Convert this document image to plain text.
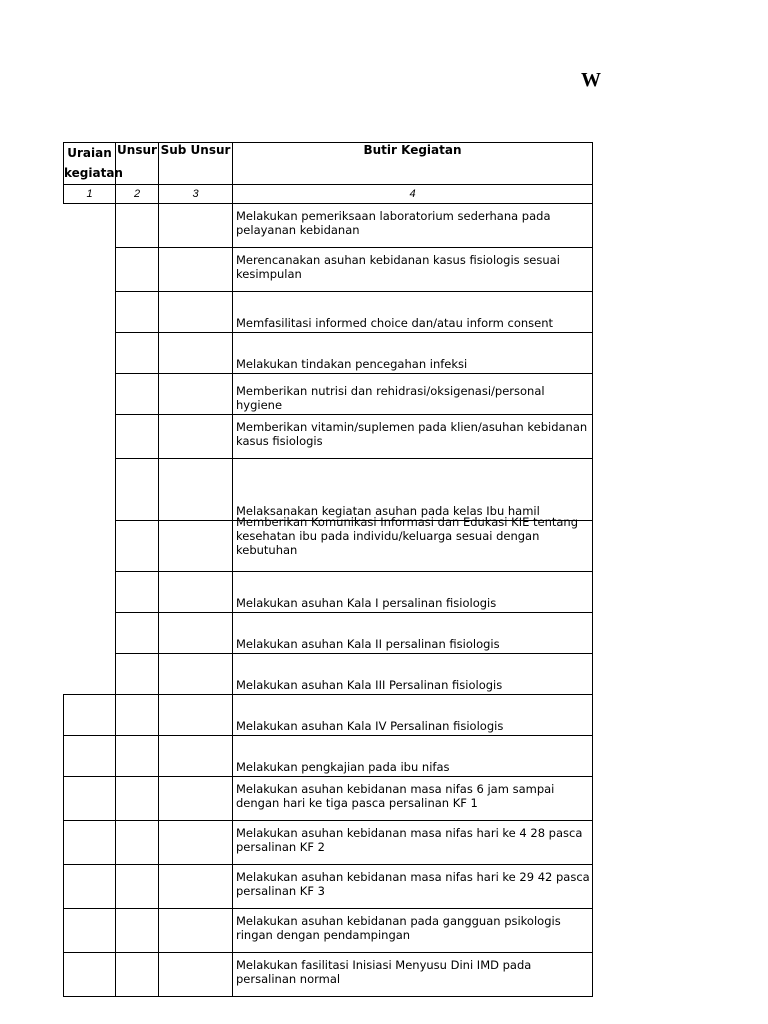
W
Uraian kegiatan	Unsur	Sub Unsur	Butir Kegiatan
1	2	3	4
			Melakukan pemeriksaan laboratorium sederhana pada pelayanan kebidanan
			Merencanakan asuhan kebidanan kasus fisiologis sesuai kesimpulan
			Memfasilitasi informed choice dan/atau inform consent
			Melakukan tindakan pencegahan infeksi
			Memberikan nutrisi dan rehidrasi/oksigenasi/personal hygiene
			Memberikan vitamin/suplemen pada klien/asuhan kebidanan kasus fisiologis
			Melaksanakan kegiatan asuhan pada kelas Ibu hamil

			Memberikan Komunikasi Informasi dan Edukasi KIE tentang kesehatan ibu pada individu/keluarga sesuai dengan kebutuhan

			Melakukan asuhan Kala I persalinan fisiologis
			Melakukan asuhan Kala II persalinan fisiologis
			Melakukan asuhan Kala III Persalinan fisiologis
			Melakukan asuhan Kala IV Persalinan fisiologis
			Melakukan pengkajian pada ibu nifas
			Melakukan asuhan kebidanan masa nifas 6 jam sampai dengan hari ke tiga pasca persalinan KF 1
			Melakukan asuhan kebidanan masa nifas hari ke 4 28 pasca persalinan KF 2
			Melakukan asuhan kebidanan masa nifas hari ke 29 42 pasca persalinan KF 3
			Melakukan asuhan kebidanan pada gangguan psikologis ringan dengan pendampingan
			Melakukan fasilitasi Inisiasi Menyusu Dini IMD pada persalinan normal
